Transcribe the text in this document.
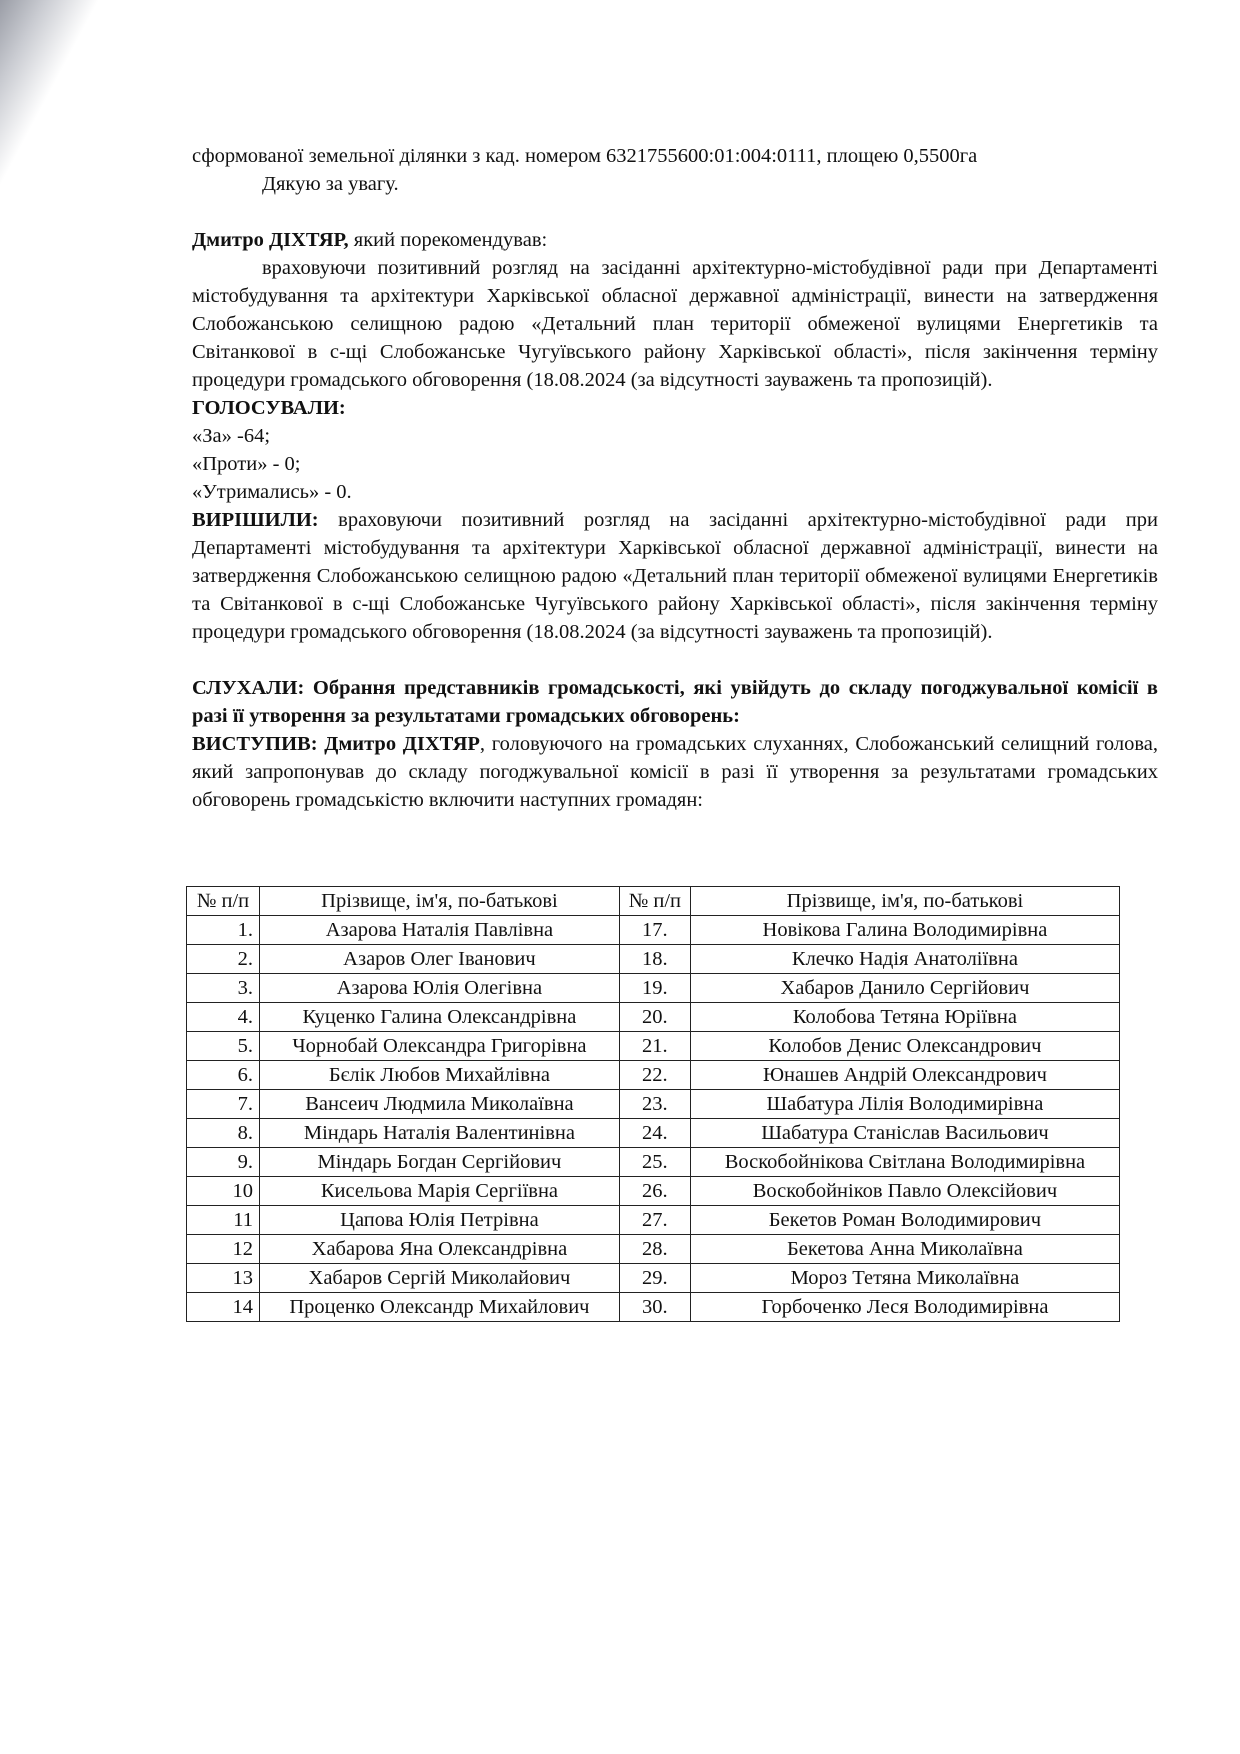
сформованої земельної ділянки з кад. номером 6321755600:01:004:0111, площею 0,5500га

Дякую за увагу.

Дмитро ДІХТЯР, який порекомендував:

враховуючи позитивний розгляд на засіданні архітектурно-містобудівної ради при Департаменті містобудування та архітектури Харківської обласної державної адміністрації, винести на затвердження Слобожанською селищною радою «Детальний план території обмеженої вулицями Енергетиків та Світанкової в с-щі Слобожанське Чугуївського району Харківської області», після закінчення терміну процедури громадського обговорення (18.08.2024 (за відсутності зауважень та пропозицій).

ГОЛОСУВАЛИ:

«За» -64;

«Проти» - 0;

«Утримались» - 0.

ВИРІШИЛИ: враховуючи позитивний розгляд на засіданні архітектурно-містобудівної ради при Департаменті містобудування та архітектури Харківської обласної державної адміністрації, винести на затвердження Слобожанською селищною радою «Детальний план території обмеженої вулицями Енергетиків та Світанкової в с-щі Слобожанське Чугуївського району Харківської області», після закінчення терміну процедури громадського обговорення (18.08.2024 (за відсутності зауважень та пропозицій).

СЛУХАЛИ: Обрання представників громадськості, які увійдуть до складу погоджувальної комісії в разі її утворення за результатами громадських обговорень:

ВИСТУПИВ: Дмитро ДІХТЯР, головуючого на громадських слуханнях, Слобожанський селищний голова, який запропонував до складу погоджувальної комісії в разі її утворення за результатами громадських обговорень громадськістю включити наступних громадян:

№ п/п	Прізвище, ім'я, по-батькові	№ п/п	Прізвище, ім'я, по-батькові
1.	Азарова Наталія Павлівна	17.	Новікова Галина Володимирівна
2.	Азаров Олег Іванович	18.	Клечко Надія Анатоліївна
3.	Азарова Юлія Олегівна	19.	Хабаров Данило Сергійович
4.	Куценко Галина Олександрівна	20.	Колобова Тетяна Юріївна
5.	Чорнобай Олександра Григорівна	21.	Колобов Денис Олександрович
6.	Бєлік Любов Михайлівна	22.	Юнашев Андрій Олександрович
7.	Вансеич Людмила Миколаївна	23.	Шабатура Лілія Володимирівна
8.	Міндарь Наталія Валентинівна	24.	Шабатура Станіслав Васильович
9.	Міндарь Богдан Сергійович	25.	Воскобойнікова Світлана Володимирівна
10	Кисельова Марія Сергіївна	26.	Воскобойніков Павло Олексійович
11	Цапова Юлія Петрівна	27.	Бекетов Роман Володимирович
12	Хабарова Яна Олександрівна	28.	Бекетова Анна Миколаївна
13	Хабаров Сергій Миколайович	29.	Мороз Тетяна Миколаївна
14	Проценко Олександр Михайлович	30.	Горбоченко Леся Володимирівна
